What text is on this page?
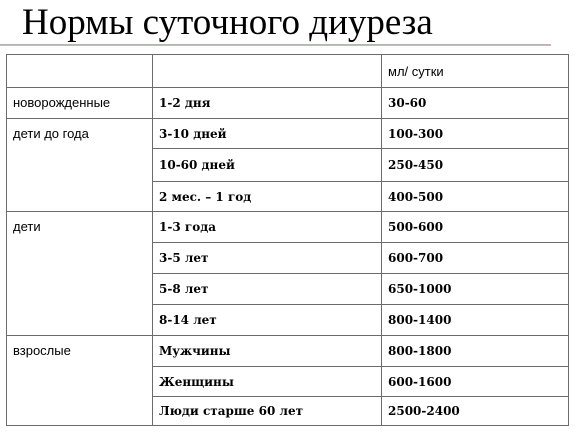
Нормы суточного диуреза
		мл/ сутки
новорожденные	1-2 дня	30-60
дети до года	3-10 дней	100-300
	10-60 дней	250-450
	2 мес. – 1 год	400-500
дети	1-3 года	500-600
	3-5 лет	600-700
	5-8 лет	650-1000
	8-14 лет	800-1400
взрослые	Мужчины	800-1800
	Женщины	600-1600
	Люди старше 60 лет	2500-2400
